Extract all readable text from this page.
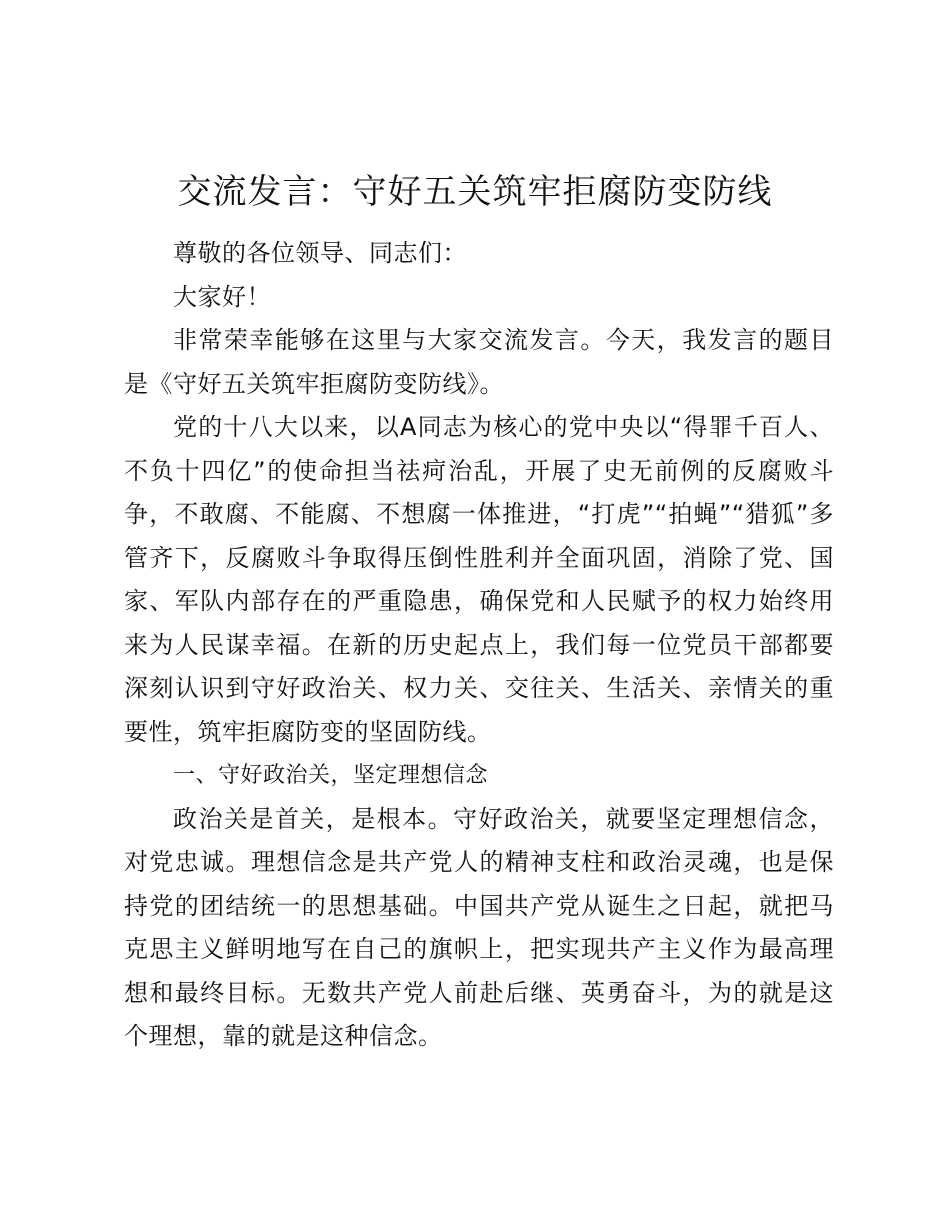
交流发言：守好五关筑牢拒腐防变防线

尊敬的各位领导、同志们：

大家好！

非常荣幸能够在这里与大家交流发言。今天，我发言的题目是《守好五关筑牢拒腐防变防线》。

党的十八大以来，以A同志为核心的党中央以“得罪千百人、不负十四亿”的使命担当祛疴治乱，开展了史无前例的反腐败斗争，不敢腐、不能腐、不想腐一体推进，“打虎”“拍蝇”“猎狐”多管齐下，反腐败斗争取得压倒性胜利并全面巩固，消除了党、国家、军队内部存在的严重隐患，确保党和人民赋予的权力始终用来为人民谋幸福。在新的历史起点上，我们每一位党员干部都要深刻认识到守好政治关、权力关、交往关、生活关、亲情关的重要性，筑牢拒腐防变的坚固防线。

一、守好政治关，坚定理想信念

政治关是首关，是根本。守好政治关，就要坚定理想信念，对党忠诚。理想信念是共产党人的精神支柱和政治灵魂，也是保持党的团结统一的思想基础。中国共产党从诞生之日起，就把马克思主义鲜明地写在自己的旗帜上，把实现共产主义作为最高理想和最终目标。无数共产党人前赴后继、英勇奋斗，为的就是这个理想，靠的就是这种信念。
